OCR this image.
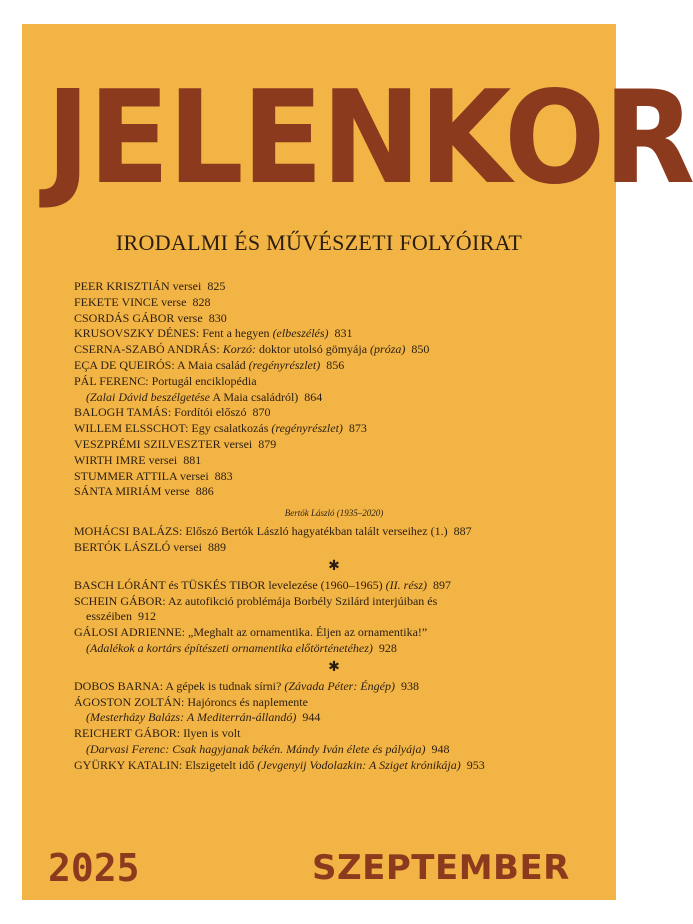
JELENKOR
IRODALMI ÉS MŰVÉSZETI FOLYÓIRAT
PEER KRISZTIÁN versei 825
FEKETE VINCE verse 828
CSORDÁS GÁBOR verse 830
KRUSOVSZKY DÉNES: Fent a hegyen (elbeszélés) 831
CSERNA-SZABÓ ANDRÁS: Korzó: doktor utolsó gömyája (próza) 850
EÇA DE QUEIRÓS: A Maia család (regényrészlet) 856
PÁL FERENC: Portugál enciklopédia
(Zalai Dávid beszélgetése A Maia családról) 864
BALOGH TAMÁS: Fordítói előszó 870
WILLEM ELSSCHOT: Egy csalatkozás (regényrészlet) 873
VESZPRÉMI SZILVESZTER versei 879
WIRTH IMRE versei 881
STUMMER ATTILA versei 883
SÁNTA MIRIÁM verse 886
Bertók László (1935–2020)
MOHÁCSI BALÁZS: Előszó Bertók László hagyatékban talált verseihez (1.) 887
BERTÓK LÁSZLÓ versei 889
✱
BASCH LÓRÁNT és TÜSKÉS TIBOR levelezése (1960–1965) (II. rész) 897
SCHEIN GÁBOR: Az autofikció problémája Borbély Szilárd interjúiban és
esszéiben 912
GÁLOSI ADRIENNE: „Meghalt az ornamentika. Éljen az ornamentika!”
(Adalékok a kortárs építészeti ornamentika előtörténetéhez) 928
✱
DOBOS BARNA: A gépek is tudnak sírni? (Závada Péter: Éngép) 938
ÁGOSTON ZOLTÁN: Hajóroncs és naplemente
(Mesterházy Balázs: A Mediterrán-állandó) 944
REICHERT GÁBOR: Ilyen is volt
(Darvasi Ferenc: Csak hagyjanak békén. Mándy Iván élete és pályája) 948
GYÜRKY KATALIN: Elszigetelt idő (Jevgenyij Vodolazkin: A Sziget krónikája) 953
2025	SZEPTEMBER
